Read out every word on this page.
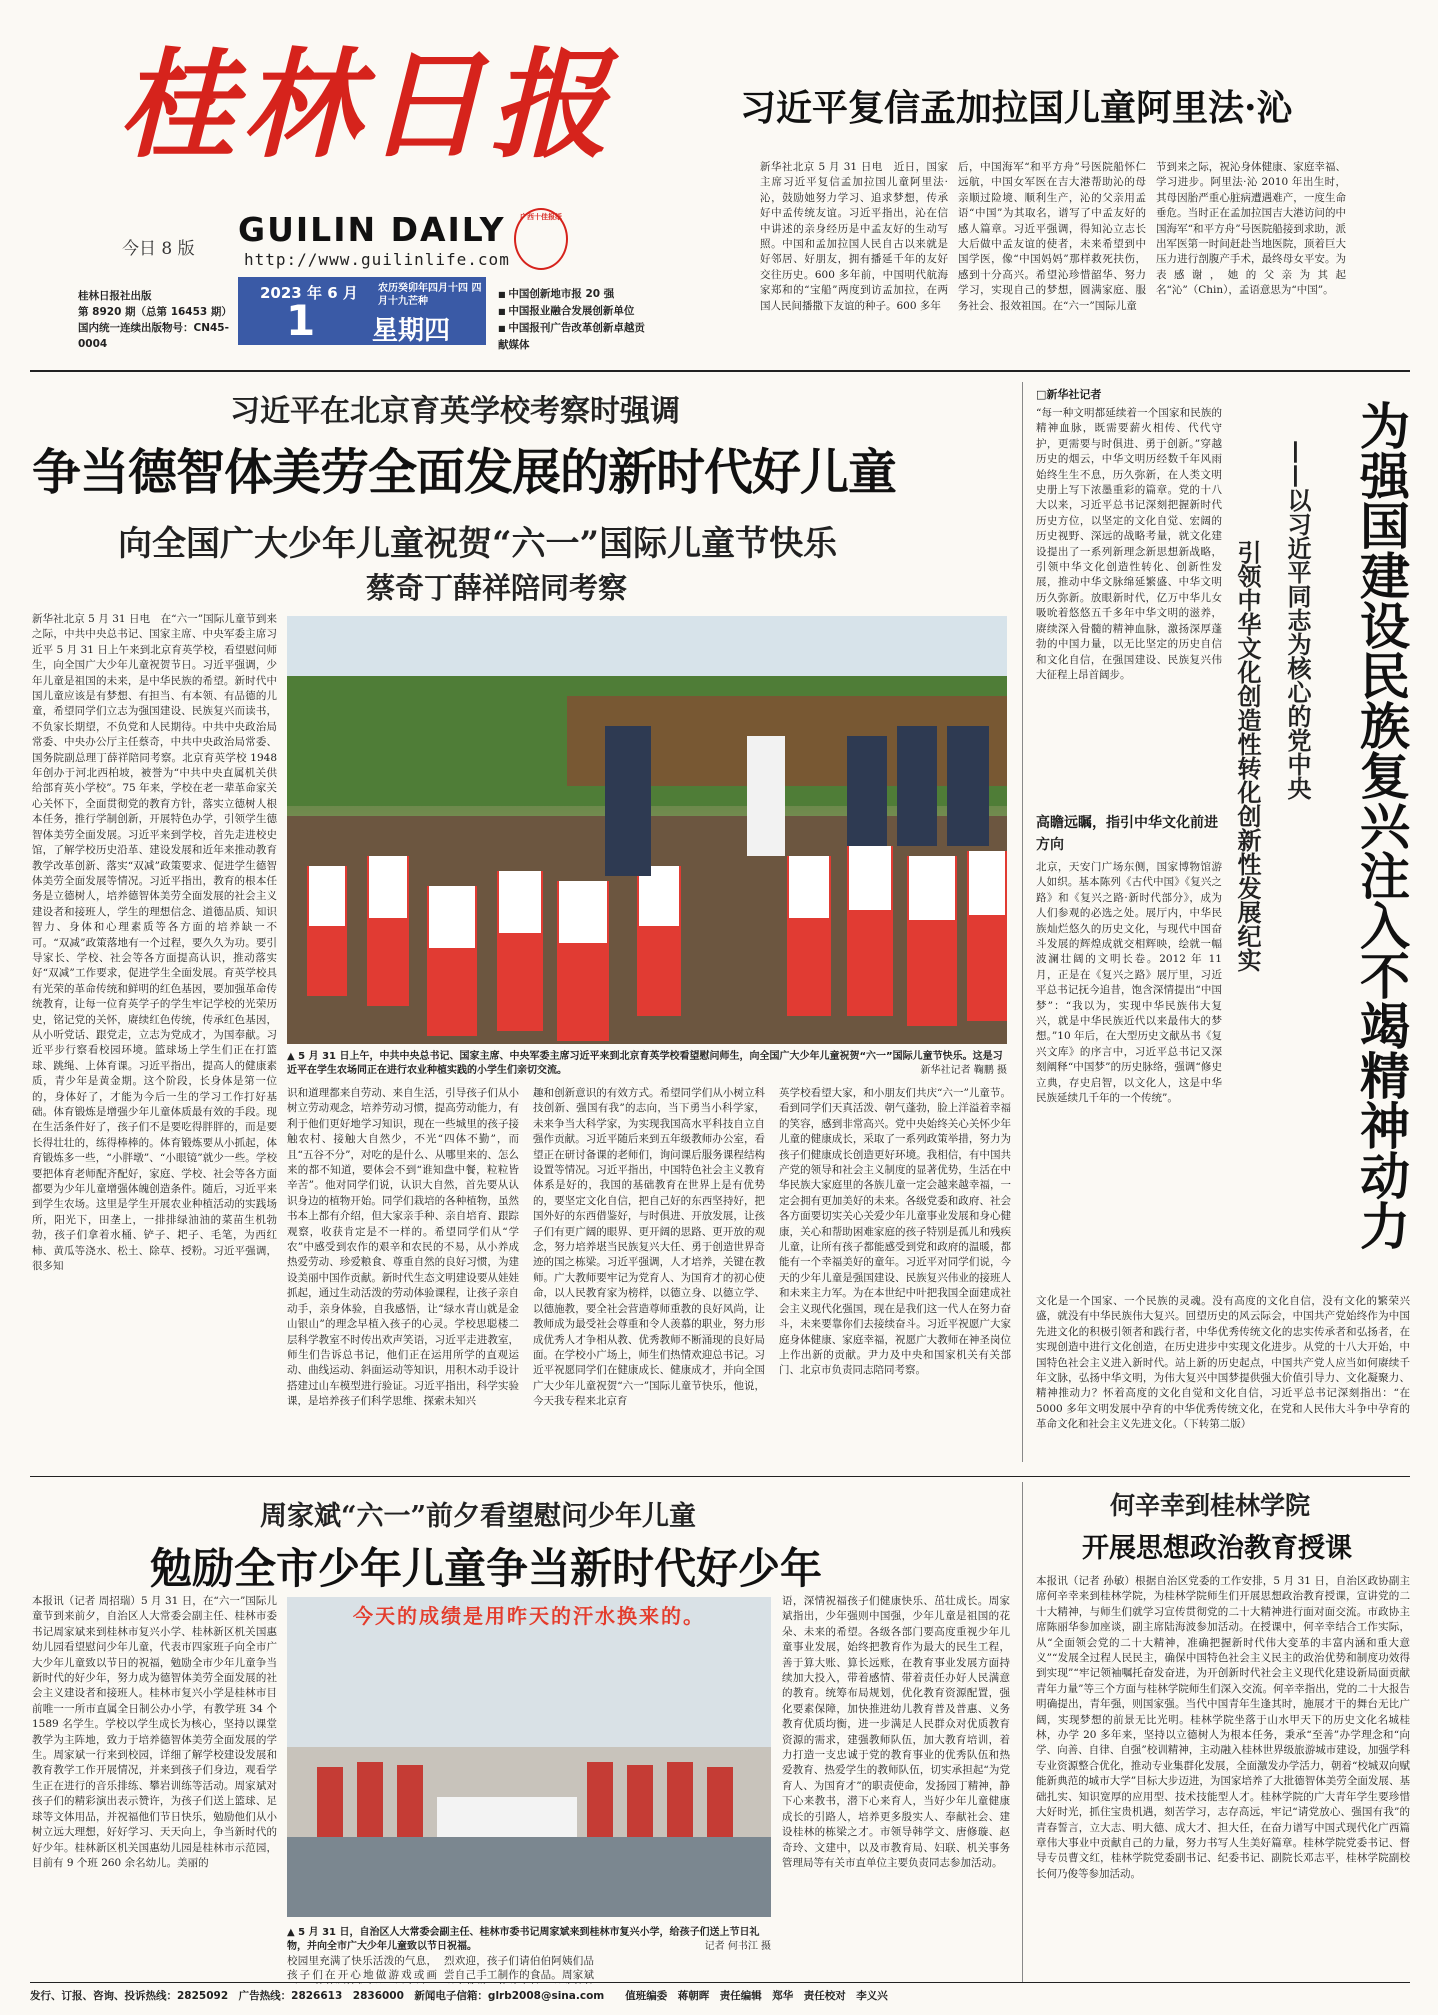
桂林日报
今日 8 版
桂林日报社出版
第 8920 期（总第 16453 期）
国内统一连续出版物号：CN45-0004
GUILIN DAILY
http://www.guilinlife.com
广西十佳报纸
2023 年 6 月
1
农历癸卯年四月十四 四月十九芒种
星期四
■ 中国创新地市报 20 强
■ 中国报业融合发展创新单位
■ 中国报刊广告改革创新卓越贡献媒体
习近平复信孟加拉国儿童阿里法·沁
新华社北京 5 月 31 日电　近日，国家主席习近平复信孟加拉国儿童阿里法·沁，鼓励她努力学习、追求梦想，传承好中孟传统友谊。习近平指出，沁在信中讲述的亲身经历是中孟友好的生动写照。中国和孟加拉国人民自古以来就是好邻居、好朋友，拥有播延千年的友好交往历史。600 多年前，中国明代航海家郑和的“宝船”两度到访孟加拉，在两国人民间播撒下友谊的种子。600 多年
后，中国海军“和平方舟”号医院船怀仁远航，中国女军医在吉大港帮助沁的母亲顺过险境、顺利生产，沁的父亲用孟语“中国”为其取名，谱写了中孟友好的感人篇章。习近平强调，得知沁立志长大后做中孟友谊的使者，未来希望到中国学医，像“中国妈妈”那样救死扶伤，感到十分高兴。希望沁珍惜韶华、努力学习，实现自己的梦想，圆满家庭、服务社会、报效祖国。在“六一”国际儿童
节到来之际，祝沁身体健康、家庭幸福、学习进步。阿里法·沁 2010 年出生时，其母因胎严重心脏病遭遇难产，一度生命垂危。当时正在孟加拉国吉大港访问的中国海军“和平方舟”号医院船接到求助，派出军医第一时间赶赴当地医院，顶着巨大压力进行剖腹产手术，最终母女平安。为表感谢，她的父亲为其起名“沁”（Chin），孟语意思为“中国”。
习近平在北京育英学校考察时强调
争当德智体美劳全面发展的新时代好儿童
向全国广大少年儿童祝贺“六一”国际儿童节快乐
蔡奇丁薛祥陪同考察
新华社北京 5 月 31 日电　在“六一”国际儿童节到来之际，中共中央总书记、国家主席、中央军委主席习近平 5 月 31 日上午来到北京育英学校，看望慰问师生，向全国广大少年儿童祝贺节日。习近平强调，少年儿童是祖国的未来，是中华民族的希望。新时代中国儿童应该是有梦想、有担当、有本领、有品德的儿童，希望同学们立志为强国建设、民族复兴而读书，不负家长期望，不负党和人民期待。中共中央政治局常委、中央办公厅主任蔡奇，中共中央政治局常委、国务院副总理丁薛祥陪同考察。北京育英学校 1948 年创办于河北西柏坡，被誉为“中共中央直属机关供给部育英小学校”。75 年来，学校在老一辈革命家关心关怀下，全面贯彻党的教育方针，落实立德树人根本任务，推行学制创新，开展特色办学，引领学生德智体美劳全面发展。习近平来到学校，首先走进校史馆，了解学校历史沿革、建设发展和近年来推动教育教学改革创新、落实“双减”政策要求、促进学生德智体美劳全面发展等情况。习近平指出，教育的根本任务是立德树人，培养德智体美劳全面发展的社会主义建设者和接班人，学生的理想信念、道德品质、知识智力、身体和心理素质等各方面的培养缺一不可。“双减”政策落地有一个过程，要久久为功。要引导家长、学校、社会等各方面提高认识，推动落实好“双减”工作要求，促进学生全面发展。育英学校具有光荣的革命传统和鲜明的红色基因，要加强革命传统教育，让每一位育英学子的学生牢记学校的光荣历史，铭记党的关怀，赓续红色传统，传承红色基因，从小听党话、跟党走，立志为党成才，为国奉献。习近平步行察看校园环境。篮球场上学生们正在打篮球、跳绳、上体育课。习近平指出，提高人的健康素质，青少年是黄金期。这个阶段，长身体是第一位的，身体好了，才能为今后一生的学习工作打好基础。体育锻炼是增强少年儿童体质最有效的手段。现在生活条件好了，孩子们不是要吃得胖胖的，而是要长得壮壮的，练得棒棒的。体育锻炼要从小抓起，体育锻炼多一些，“小胖墩”、“小眼镜”就少一些。学校要把体育老师配齐配好，家庭、学校、社会等各方面都要为少年儿童增强体魄创造条件。随后，习近平来到学生农场。这里是学生开展农业种植活动的实践场所，阳光下，田垄上，一排排绿油油的菜苗生机勃勃，孩子们拿着水桶、铲子、耙子、毛笔，为西红柿、黄瓜等浇水、松土、除草、授粉。习近平强调，很多知
▲ 5 月 31 日上午，中共中央总书记、国家主席、中央军委主席习近平来到北京育英学校看望慰问师生，向全国广大少年儿童祝贺“六一”国际儿童节快乐。这是习近平在学生农场同正在进行农业种植实践的小学生们亲切交流。	新华社记者 鞠鹏 摄
识和道理都来自劳动、来自生活，引导孩子们从小树立劳动观念，培养劳动习惯，提高劳动能力，有利于他们更好地学习知识，现在一些城里的孩子接触农村、接触大自然少，不光“四体不勤”，而且“五谷不分”，对吃的是什么、从哪里来的、怎么来的都不知道，要体会不到“谁知盘中餐，粒粒皆辛苦”。他对同学们说，认识大自然，首先要从认识身边的植物开始。同学们栽培的各种植物，虽然书本上都有介绍，但大家亲手种、亲自培育、跟踪观察，收获肯定是不一样的。希望同学们从“学农”中感受到农作的艰辛和农民的不易，从小养成热爱劳动、珍爱粮食、尊重自然的良好习惯，为建设美丽中国作贡献。新时代生态文明建设要从娃娃抓起，通过生动活泼的劳动体验课程，让孩子亲自动手，亲身体验，自我感悟，让“绿水青山就是金山银山”的理念早植入孩子的心灵。学校思聪楼二层科学教室不时传出欢声笑语，习近平走进教室，师生们告诉总书记，他们正在运用所学的直观运动、曲线运动、斜面运动等知识，用积木动手设计搭建过山车模型进行验证。习近平指出，科学实验课，是培养孩子们科学思维、探索未知兴
趣和创新意识的有效方式。希望同学们从小树立科技创新、强国有我”的志向，当下勇当小科学家，未来争当大科学家，为实现我国高水平科技自立自强作贡献。习近平随后来到五年级教师办公室，看望正在研讨备课的老师们，询问课后服务课程结构设置等情况。习近平指出，中国特色社会主义教育体系是好的，我国的基础教育在世界上是有优势的，要坚定文化自信，把自己好的东西坚持好，把国外好的东西借鉴好，与时俱进、开放发展，让孩子们有更广阔的眼界、更开阔的思路、更开放的观念，努力培养堪当民族复兴大任、勇于创造世界奇迹的国之栋梁。习近平强调，人才培养，关键在教师。广大教师要牢记为党育人、为国育才的初心使命，以人民教育家为榜样，以德立身、以德立学、以德施教，要全社会营造尊师重教的良好风尚，让教师成为最受社会尊重和令人羡慕的职业，努力形成优秀人才争相从教、优秀教师不断涌现的良好局面。在学校小广场上，师生们热情欢迎总书记。习近平祝愿同学们在健康成长、健康成才，并向全国广大少年儿童祝贺“六一”国际儿童节快乐，他说，今天我专程来北京育
英学校看望大家，和小朋友们共庆“六一”儿童节。看到同学们天真活泼、朝气蓬勃，脸上洋溢着幸福的笑容，感到非常高兴。党中央始终关心关怀少年儿童的健康成长，采取了一系列政策举措，努力为孩子们健康成长创造更好环境。我相信，有中国共产党的领导和社会主义制度的显著优势，生活在中华民族大家庭里的各族儿童一定会越来越幸福，一定会拥有更加美好的未来。各级党委和政府、社会各方面要切实关心关爱少年儿童事业发展和身心健康，关心和帮助困难家庭的孩子特别是孤儿和残疾儿童，让所有孩子都能感受到党和政府的温暖，都能有一个幸福美好的童年。习近平对同学们说，今天的少年儿童是强国建设、民族复兴伟业的接班人和未来主力军。为在本世纪中叶把我国全面建成社会主义现代化强国，现在是我们这一代人在努力奋斗，未来要靠你们去接续奋斗。习近平祝愿广大家庭身体健康、家庭幸福，祝愿广大教师在神圣岗位上作出新的贡献。尹力及中央和国家机关有关部门、北京市负责同志陪同考察。
□新华社记者
为强国建设民族复兴注入不竭精神动力
——以习近平同志为核心的党中央
引领中华文化创造性转化创新性发展纪实
“每一种文明都延续着一个国家和民族的精神血脉，既需要薪火相传、代代守护，更需要与时俱进、勇于创新。”穿越历史的烟云，中华文明历经数千年风雨始终生生不息，历久弥新，在人类文明史册上写下浓墨重彩的篇章。党的十八大以来，习近平总书记深刻把握新时代历史方位，以坚定的文化自觉、宏阔的历史视野、深远的战略考量，就文化建设提出了一系列新理念新思想新战略，引领中华文化创造性转化、创新性发展，推动中华文脉绵延繁盛、中华文明历久弥新。放眼新时代，亿万中华儿女吸吮着悠悠五千多年中华文明的滋养，赓续深入骨髓的精神血脉，激扬深厚蓬勃的中国力量，以无比坚定的历史自信和文化自信，在强国建设、民族复兴伟大征程上昂首阔步。
高瞻远瞩，指引中华文化前进方向
北京，天安门广场东侧，国家博物馆游人如织。基本陈列《古代中国》《复兴之路》和《复兴之路·新时代部分》，成为人们参观的必选之处。展厅内，中华民族灿烂悠久的历史文化，与现代中国奋斗发展的辉煌成就交相辉映，绘就一幅波澜壮阔的文明长卷。2012 年 11 月，正是在《复兴之路》展厅里，习近平总书记抚今追昔，饱含深情提出“中国梦”：“我以为，实现中华民族伟大复兴，就是中华民族近代以来最伟大的梦想。”10 年后，在大型历史文献丛书《复兴文库》的序言中，习近平总书记又深刻阐释“中国梦”的历史脉络，强调“修史立典，存史启智，以文化人，这是中华民族延续几千年的一个传统”。
文化是一个国家、一个民族的灵魂。没有高度的文化自信，没有文化的繁荣兴盛，就没有中华民族伟大复兴。回望历史的风云际会，中国共产党始终作为中国先进文化的积极引领者和践行者，中华优秀传统文化的忠实传承者和弘扬者，在实现创造中进行文化创造，在历史进步中实现文化进步。从党的十八大开始，中国特色社会主义进入新时代。站上新的历史起点，中国共产党人应当如何赓续千年文脉，弘扬中华文明，为伟大复兴中国梦提供强大价值引导力、文化凝聚力、精神推动力？怀着高度的文化自觉和文化自信，习近平总书记深刻指出：“在 5000 多年文明发展中孕育的中华优秀传统文化，在党和人民伟大斗争中孕育的革命文化和社会主义先进文化。（下转第二版）
周家斌“六一”前夕看望慰问少年儿童
勉励全市少年儿童争当新时代好少年
本报讯（记者 周招瑞）5 月 31 日，在“六一”国际儿童节到来前夕，自治区人大常委会副主任、桂林市委书记周家斌来到桂林市复兴小学、桂林新区机关国惠幼儿园看望慰问少年儿童，代表市四家班子向全市广大少年儿童致以节日的祝福，勉励全市少年儿童争当新时代的好少年，努力成为德智体美劳全面发展的社会主义建设者和接班人。桂林市复兴小学是桂林市目前唯一一所市直属全日制公办小学，有教学班 34 个 1589 名学生。学校以学生成长为核心，坚持以课堂教学为主阵地，致力于培养德智体美劳全面发展的学生。周家斌一行来到校园，详细了解学校建设发展和教育教学工作开展情况，并来到孩子们身边，观看学生正在进行的音乐排练、攀岩训练等活动。周家斌对孩子们的精彩演出表示赞许，为孩子们送上篮球、足球等文体用品，并祝福他们节日快乐，勉励他们从小树立远大理想，好好学习、天天向上，争当新时代的好少年。桂林新区机关国惠幼儿园是桂林市示范园，目前有 9 个班 260 余名幼儿。美丽的
今天的成绩是用昨天的汗水换来的。
▲ 5 月 31 日，自治区人大常委会副主任、桂林市委书记周家斌来到桂林市复兴小学，给孩子们送上节日礼物，并向全市广大少年儿童致以节日祝福。	记者 何书江 摄
校园里充满了快乐活泼的气息，孩子们在开心地做游戏或画
烈欢迎，孩子们请伯伯阿姨们品尝自己手工制作的食品。周家斌
语，深情祝福孩子们健康快乐、茁壮成长。周家斌指出，少年强则中国强，少年儿童是祖国的花朵、未来的希望。各级各部门要高度重视少年儿童事业发展，始终把教育作为最大的民生工程，善于算大账、算长远账，在教育事业发展方面持续加大投入，带着感情、带着责任办好人民满意的教育。统筹布局规划，优化教育资源配置，强化要素保障，加快推进幼儿教育普及普惠、义务教育优质均衡，进一步满足人民群众对优质教育资源的需求，建强教师队伍，加大教育培训，着力打造一支忠诚于党的教育事业的优秀队伍和热爱教育、热爱学生的教师队伍，切实承担起“为党育人、为国育才”的职责使命，发扬园丁精神，静下心来教书，潜下心来育人，当好少年儿童健康成长的引路人，培养更多殷实人、奉献社会、建设桂林的栋梁之才。市领导韩学文、唐修璇、赵奇玲、文建中，以及市教育局、妇联、机关事务管理局等有关市直单位主要负责同志参加活动。
何辛幸到桂林学院
开展思想政治教育授课
本报讯（记者 孙敏）根据自治区党委的工作安排，5 月 31 日，自治区政协副主席何辛幸来到桂林学院，为桂林学院师生们开展思想政治教育授课，宣讲党的二十大精神，与师生们就学习宣传贯彻党的二十大精神进行面对面交流。市政协主席陈丽华参加座谈，副主席陆海波参加活动。在授课中，何辛幸结合工作实际，从“全面领会党的二十大精神，准确把握新时代伟大变革的丰富内涵和重大意义”“发展全过程人民民主，确保中国特色社会主义民主的政治优势和制度功效得到实现”“牢记领袖嘱托奋发奋进，为开创新时代社会主义现代化建设新局面贡献青年力量”等三个方面与桂林学院师生们深入交流。何辛幸指出，党的二十大报告明确提出，青年强，则国家强。当代中国青年生逢其时，施展才干的舞台无比广阔，实现梦想的前景无比光明。桂林学院坐落于山水甲天下的历史文化名城桂林，办学 20 多年来，坚持以立德树人为根本任务，秉承“至善”办学理念和“向学、向善、自律、自强”校训精神，主动融入桂林世界级旅游城市建设，加强学科专业资源整合优化，推动专业集群化发展，全面激发办学活力，朝着“校城双向赋能新典范的城市大学”目标大步迈进，为国家培养了大批德智体美劳全面发展、基础扎实、知识宽厚的应用型、技术技能型人才。桂林学院的广大青年学生要珍惜大好时光，抓住宝贵机遇，刻苦学习，志存高远，牢记“请党放心、强国有我”的青春誓言，立大志、明大德、成大才、担大任，在奋力谱写中国式现代化广西篇章伟大事业中贡献自己的力量，努力书写人生美好篇章。桂林学院党委书记、督导专员曹文红，桂林学院党委副书记、纪委书记、副院长邓志平，桂林学院副校长何乃俊等参加活动。
发行、订报、咨询、投诉热线：2825092　广告热线：2826613　2836000　新闻电子信箱：glrb2008@sina.com　　值班编委　蒋朝晖　责任编辑　郑华　责任校对　李义兴
